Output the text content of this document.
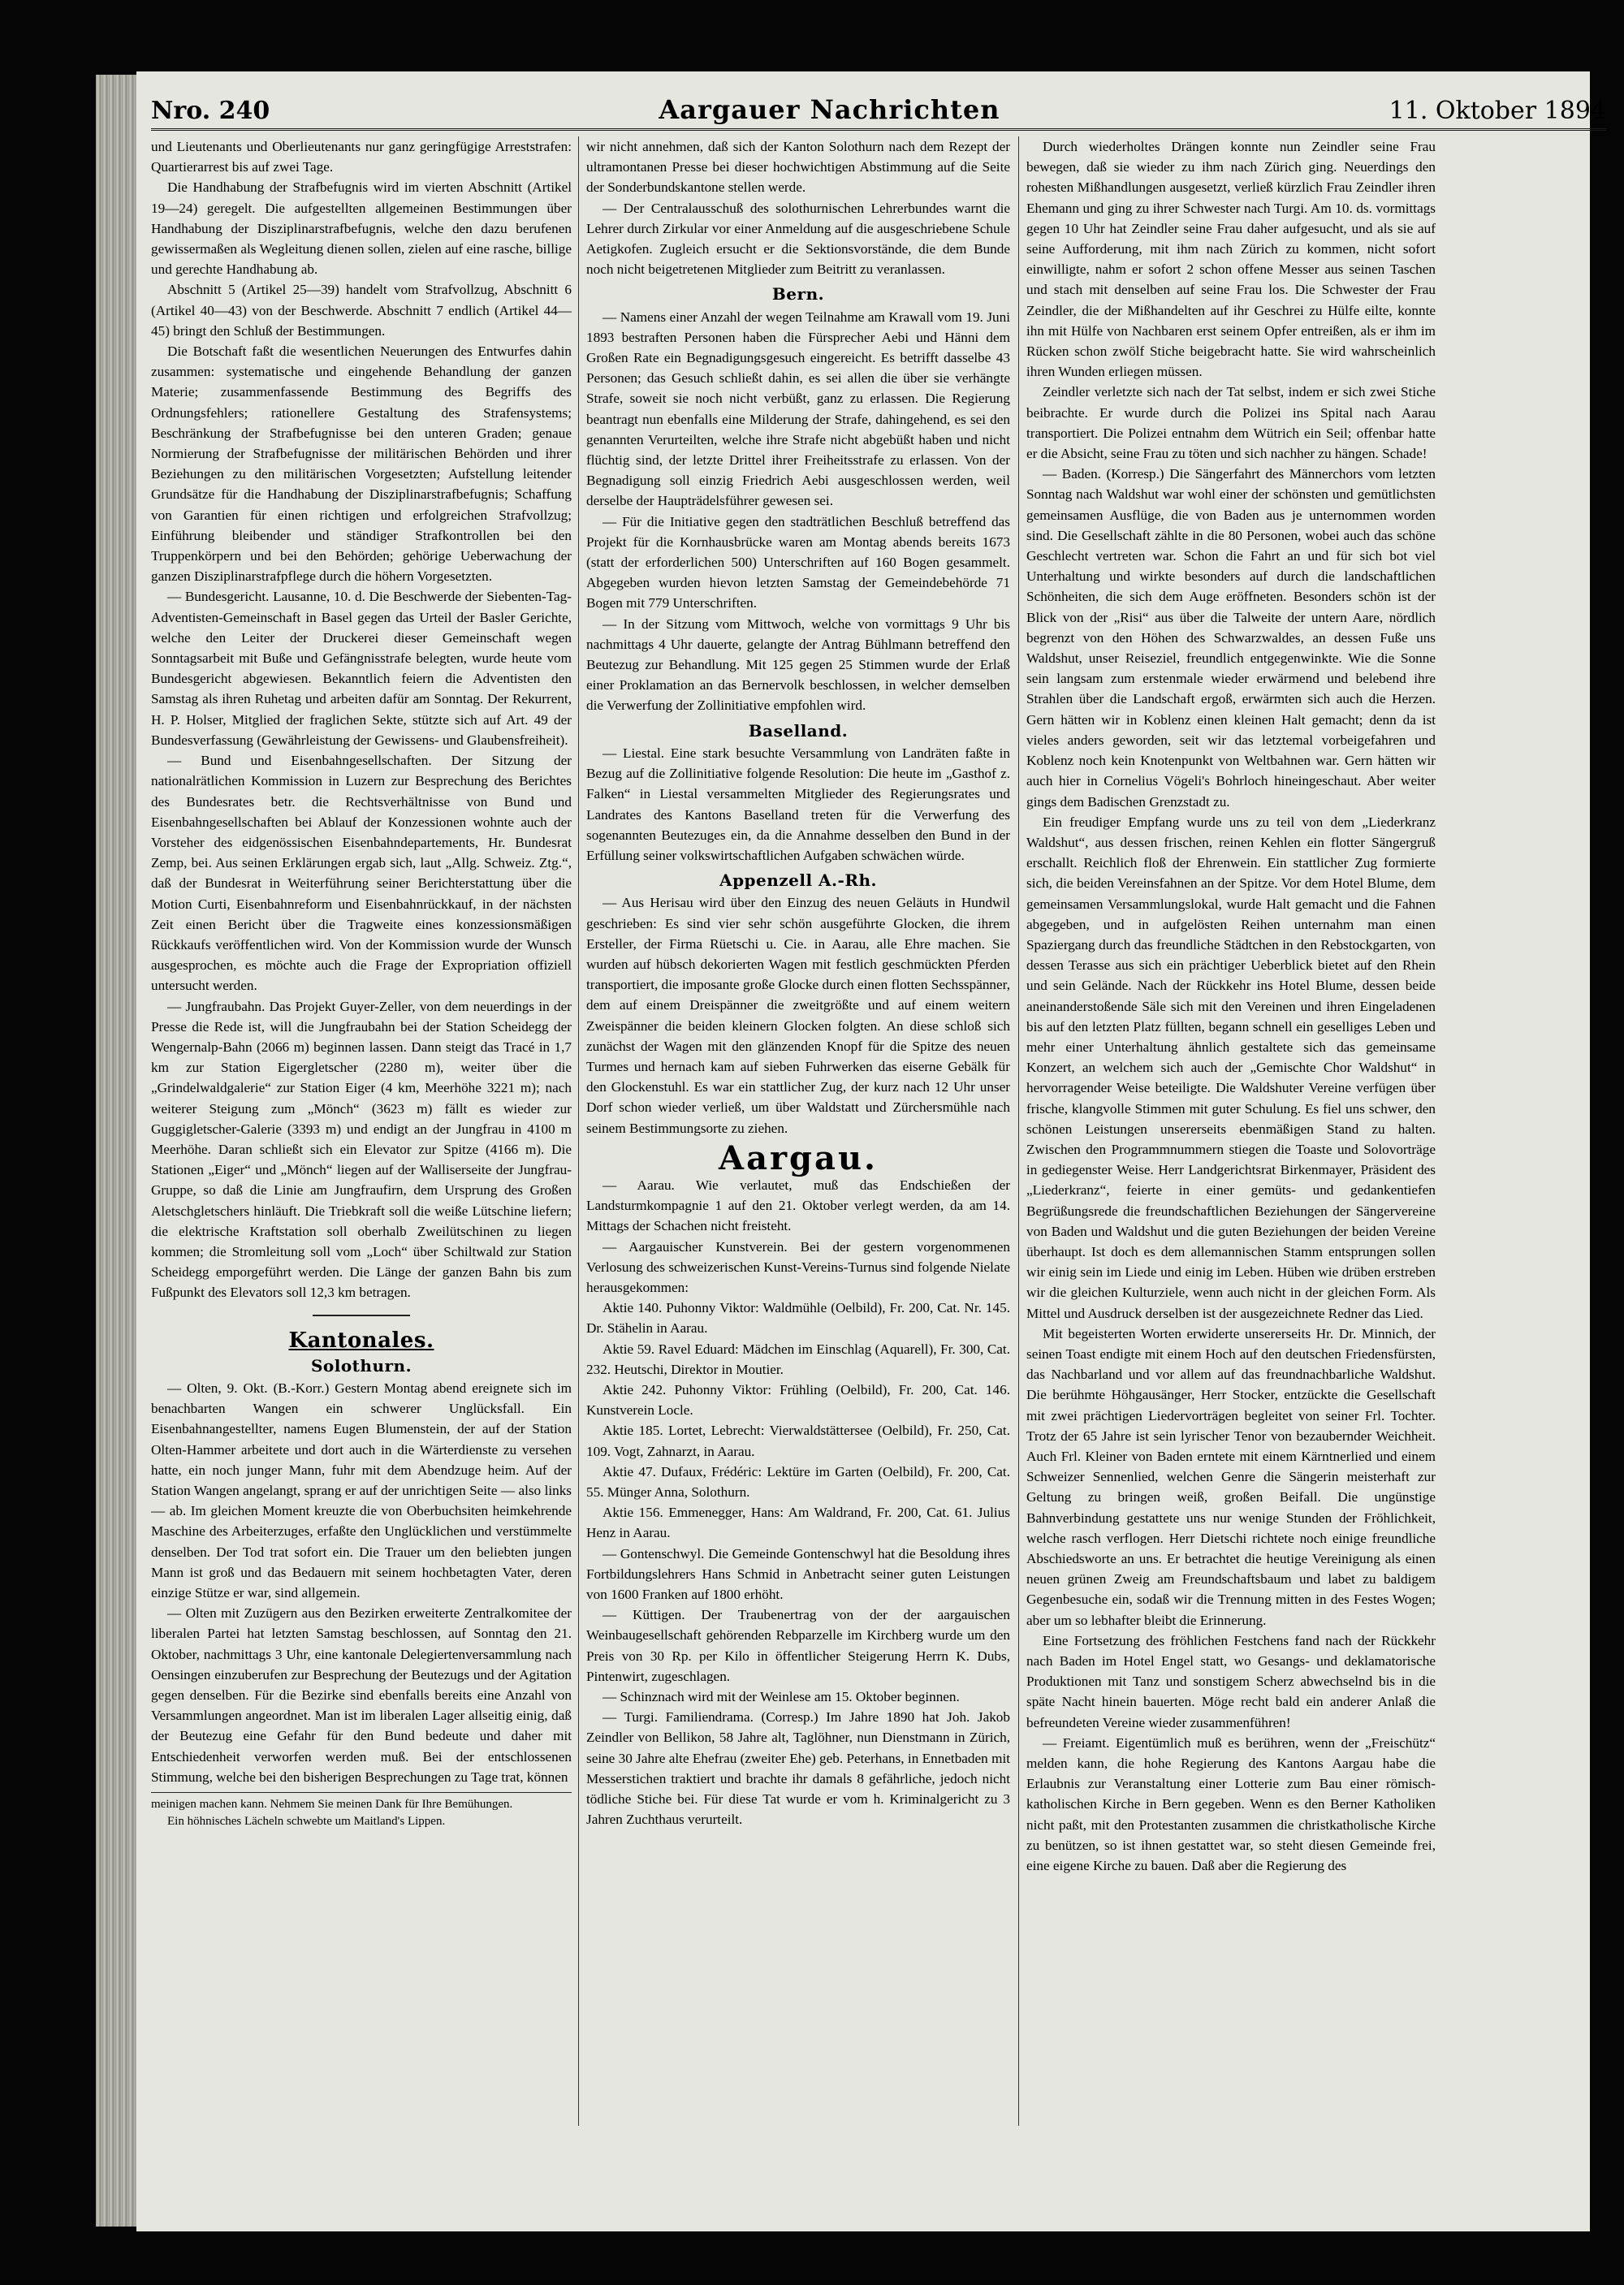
Nro. 240	Aargauer Nachrichten	11. Oktober 1894

und Lieutenants und Oberlieutenants nur ganz geringfügige Arreststrafen: Quartierarrest bis auf zwei Tage.

Die Handhabung der Strafbefugnis wird im vierten Abschnitt (Artikel 19—24) geregelt. Die aufgestellten allgemeinen Bestimmungen über Handhabung der Disziplinarstrafbefugnis, welche den dazu berufenen gewissermaßen als Wegleitung dienen sollen, zielen auf eine rasche, billige und gerechte Handhabung ab.

Abschnitt 5 (Artikel 25—39) handelt vom Strafvollzug, Abschnitt 6 (Artikel 40—43) von der Beschwerde. Abschnitt 7 endlich (Artikel 44—45) bringt den Schluß der Bestimmungen.

Die Botschaft faßt die wesentlichen Neuerungen des Entwurfes dahin zusammen: systematische und eingehende Behandlung der ganzen Materie; zusammenfassende Bestimmung des Begriffs des Ordnungsfehlers; rationellere Gestaltung des Strafensystems; Beschränkung der Strafbefugnisse bei den unteren Graden; genaue Normierung der Strafbefugnisse der militärischen Behörden und ihrer Beziehungen zu den militärischen Vorgesetzten; Aufstellung leitender Grundsätze für die Handhabung der Disziplinarstrafbefugnis; Schaffung von Garantien für einen richtigen und erfolgreichen Strafvollzug; Einführung bleibender und ständiger Strafkontrollen bei den Truppenkörpern und bei den Behörden; gehörige Ueberwachung der ganzen Disziplinarstrafpflege durch die höhern Vorgesetzten.

— Bundesgericht. Lausanne, 10. d. Die Beschwerde der Siebenten-Tag-Adventisten-Gemeinschaft in Basel gegen das Urteil der Basler Gerichte, welche den Leiter der Druckerei dieser Gemeinschaft wegen Sonntagsarbeit mit Buße und Gefängnisstrafe belegten, wurde heute vom Bundesgericht abgewiesen. Bekanntlich feiern die Adventisten den Samstag als ihren Ruhetag und arbeiten dafür am Sonntag. Der Rekurrent, H. P. Holser, Mitglied der fraglichen Sekte, stützte sich auf Art. 49 der Bundesverfassung (Gewährleistung der Gewissens- und Glaubensfreiheit).

— Bund und Eisenbahngesellschaften. Der Sitzung der nationalrätlichen Kommission in Luzern zur Besprechung des Berichtes des Bundesrates betr. die Rechtsverhältnisse von Bund und Eisenbahngesellschaften bei Ablauf der Konzessionen wohnte auch der Vorsteher des eidgenössischen Eisenbahndepartements, Hr. Bundesrat Zemp, bei. Aus seinen Erklärungen ergab sich, laut „Allg. Schweiz. Ztg.“, daß der Bundesrat in Weiterführung seiner Berichterstattung über die Motion Curti, Eisenbahnreform und Eisenbahnrückkauf, in der nächsten Zeit einen Bericht über die Tragweite eines konzessionsmäßigen Rückkaufs veröffentlichen wird. Von der Kommission wurde der Wunsch ausgesprochen, es möchte auch die Frage der Expropriation offiziell untersucht werden.

— Jungfraubahn. Das Projekt Guyer-Zeller, von dem neuerdings in der Presse die Rede ist, will die Jungfraubahn bei der Station Scheidegg der Wengernalp-Bahn (2066 m) beginnen lassen. Dann steigt das Tracé in 1,7 km zur Station Eigergletscher (2280 m), weiter über die „Grindelwaldgalerie“ zur Station Eiger (4 km, Meerhöhe 3221 m); nach weiterer Steigung zum „Mönch“ (3623 m) fällt es wieder zur Guggigletscher-Galerie (3393 m) und endigt an der Jungfrau in 4100 m Meerhöhe. Daran schließt sich ein Elevator zur Spitze (4166 m). Die Stationen „Eiger“ und „Mönch“ liegen auf der Walliserseite der Jungfrau-Gruppe, so daß die Linie am Jungfraufirn, dem Ursprung des Großen Aletschgletschers hinläuft. Die Triebkraft soll die weiße Lütschine liefern; die elektrische Kraftstation soll oberhalb Zweilütschinen zu liegen kommen; die Stromleitung soll vom „Loch“ über Schiltwald zur Station Scheidegg emporgeführt werden. Die Länge der ganzen Bahn bis zum Fußpunkt des Elevators soll 12,3 km betragen.

Kantonales.
Solothurn.

— Olten, 9. Okt. (B.-Korr.) Gestern Montag abend ereignete sich im benachbarten Wangen ein schwerer Unglücksfall. Ein Eisenbahnangestellter, namens Eugen Blumenstein, der auf der Station Olten-Hammer arbeitete und dort auch in die Wärterdienste zu versehen hatte, ein noch junger Mann, fuhr mit dem Abendzuge heim. Auf der Station Wangen angelangt, sprang er auf der unrichtigen Seite — also links — ab. Im gleichen Moment kreuzte die von Oberbuchsiten heimkehrende Maschine des Arbeiterzuges, erfaßte den Unglücklichen und verstümmelte denselben. Der Tod trat sofort ein. Die Trauer um den beliebten jungen Mann ist groß und das Bedauern mit seinem hochbetagten Vater, deren einzige Stütze er war, sind allgemein.

— Olten mit Zuzügern aus den Bezirken erweiterte Zentralkomitee der liberalen Partei hat letzten Samstag beschlossen, auf Sonntag den 21. Oktober, nachmittags 3 Uhr, eine kantonale Delegiertenversammlung nach Oensingen einzuberufen zur Besprechung der Beutezugs und der Agitation gegen denselben. Für die Bezirke sind ebenfalls bereits eine Anzahl von Versammlungen angeordnet. Man ist im liberalen Lager allseitig einig, daß der Beutezug eine Gefahr für den Bund bedeute und daher mit Entschiedenheit verworfen werden muß. Bei der entschlossenen Stimmung, welche bei den bisherigen Besprechungen zu Tage trat, können

meinigen machen kann. Nehmem Sie meinen Dank für Ihre Bemühungen.

Ein höhnisches Lächeln schwebte um Maitland's Lippen.

wir nicht annehmen, daß sich der Kanton Solothurn nach dem Rezept der ultramontanen Presse bei dieser hochwichtigen Abstimmung auf die Seite der Sonderbundskantone stellen werde.

— Der Centralausschuß des solothurnischen Lehrerbundes warnt die Lehrer durch Zirkular vor einer Anmeldung auf die ausgeschriebene Schule Aetigkofen. Zugleich ersucht er die Sektionsvorstände, die dem Bunde noch nicht beigetretenen Mitglieder zum Beitritt zu veranlassen.

Bern.

— Namens einer Anzahl der wegen Teilnahme am Krawall vom 19. Juni 1893 bestraften Personen haben die Fürsprecher Aebi und Hänni dem Großen Rate ein Begnadigungsgesuch eingereicht. Es betrifft dasselbe 43 Personen; das Gesuch schließt dahin, es sei allen die über sie verhängte Strafe, soweit sie noch nicht verbüßt, ganz zu erlassen. Die Regierung beantragt nun ebenfalls eine Milderung der Strafe, dahingehend, es sei den genannten Verurteilten, welche ihre Strafe nicht abgebüßt haben und nicht flüchtig sind, der letzte Drittel ihrer Freiheitsstrafe zu erlassen. Von der Begnadigung soll einzig Friedrich Aebi ausgeschlossen werden, weil derselbe der Haupträdelsführer gewesen sei.

— Für die Initiative gegen den stadträtlichen Beschluß betreffend das Projekt für die Kornhausbrücke waren am Montag abends bereits 1673 (statt der erforderlichen 500) Unterschriften auf 160 Bogen gesammelt. Abgegeben wurden hievon letzten Samstag der Gemeindebehörde 71 Bogen mit 779 Unterschriften.

— In der Sitzung vom Mittwoch, welche von vormittags 9 Uhr bis nachmittags 4 Uhr dauerte, gelangte der Antrag Bühlmann betreffend den Beutezug zur Behandlung. Mit 125 gegen 25 Stimmen wurde der Erlaß einer Proklamation an das Bernervolk beschlossen, in welcher demselben die Verwerfung der Zollinitiative empfohlen wird.

Baselland.

— Liestal. Eine stark besuchte Versammlung von Landräten faßte in Bezug auf die Zollinitiative folgende Resolution: Die heute im „Gasthof z. Falken“ in Liestal versammelten Mitglieder des Regierungsrates und Landrates des Kantons Baselland treten für die Verwerfung des sogenannten Beutezuges ein, da die Annahme desselben den Bund in der Erfüllung seiner volkswirtschaftlichen Aufgaben schwächen würde.

Appenzell A.-Rh.

— Aus Herisau wird über den Einzug des neuen Geläuts in Hundwil geschrieben: Es sind vier sehr schön ausgeführte Glocken, die ihrem Ersteller, der Firma Rüetschi u. Cie. in Aarau, alle Ehre machen. Sie wurden auf hübsch dekorierten Wagen mit festlich geschmückten Pferden transportiert, die imposante große Glocke durch einen flotten Sechsspänner, dem auf einem Dreispänner die zweitgrößte und auf einem weitern Zweispänner die beiden kleinern Glocken folgten. An diese schloß sich zunächst der Wagen mit den glänzenden Knopf für die Spitze des neuen Turmes und hernach kam auf sieben Fuhrwerken das eiserne Gebälk für den Glockenstuhl. Es war ein stattlicher Zug, der kurz nach 12 Uhr unser Dorf schon wieder verließ, um über Waldstatt und Zürchersmühle nach seinem Bestimmungsorte zu ziehen.

Aargau.

— Aarau. Wie verlautet, muß das Endschießen der Landsturmkompagnie 1 auf den 21. Oktober verlegt werden, da am 14. Mittags der Schachen nicht freisteht.

— Aargauischer Kunstverein. Bei der gestern vorgenommenen Verlosung des schweizerischen Kunst-Vereins-Turnus sind folgende Nielate herausgekommen:

Aktie 140. Puhonny Viktor: Waldmühle (Oelbild), Fr. 200, Cat. Nr. 145. Dr. Stähelin in Aarau.

Aktie 59. Ravel Eduard: Mädchen im Einschlag (Aquarell), Fr. 300, Cat. 232. Heutschi, Direktor in Moutier.

Aktie 242. Puhonny Viktor: Frühling (Oelbild), Fr. 200, Cat. 146. Kunstverein Locle.

Aktie 185. Lortet, Lebrecht: Vierwaldstättersee (Oelbild), Fr. 250, Cat. 109. Vogt, Zahnarzt, in Aarau.

Aktie 47. Dufaux, Frédéric: Lektüre im Garten (Oelbild), Fr. 200, Cat. 55. Münger Anna, Solothurn.

Aktie 156. Emmenegger, Hans: Am Waldrand, Fr. 200, Cat. 61. Julius Henz in Aarau.

— Gontenschwyl. Die Gemeinde Gontenschwyl hat die Besoldung ihres Fortbildungslehrers Hans Schmid in Anbetracht seiner guten Leistungen von 1600 Franken auf 1800 erhöht.

— Küttigen. Der Traubenertrag von der der aargauischen Weinbaugesellschaft gehörenden Rebparzelle im Kirchberg wurde um den Preis von 30 Rp. per Kilo in öffentlicher Steigerung Herrn K. Dubs, Pintenwirt, zugeschlagen.

— Schinznach wird mit der Weinlese am 15. Oktober beginnen.

— Turgi. Familiendrama. (Corresp.) Im Jahre 1890 hat Joh. Jakob Zeindler von Bellikon, 58 Jahre alt, Taglöhner, nun Dienstmann in Zürich, seine 30 Jahre alte Ehefrau (zweiter Ehe) geb. Peterhans, in Ennetbaden mit Messerstichen traktiert und brachte ihr damals 8 gefährliche, jedoch nicht tödliche Stiche bei. Für diese Tat wurde er vom h. Kriminalgericht zu 3 Jahren Zuchthaus verurteilt.

Durch wiederholtes Drängen konnte nun Zeindler seine Frau bewegen, daß sie wieder zu ihm nach Zürich ging. Neuerdings den rohesten Mißhandlungen ausgesetzt, verließ kürzlich Frau Zeindler ihren Ehemann und ging zu ihrer Schwester nach Turgi. Am 10. ds. vormittags gegen 10 Uhr hat Zeindler seine Frau daher aufgesucht, und als sie auf seine Aufforderung, mit ihm nach Zürich zu kommen, nicht sofort einwilligte, nahm er sofort 2 schon offene Messer aus seinen Taschen und stach mit denselben auf seine Frau los. Die Schwester der Frau Zeindler, die der Mißhandelten auf ihr Geschrei zu Hülfe eilte, konnte ihn mit Hülfe von Nachbaren erst seinem Opfer entreißen, als er ihm im Rücken schon zwölf Stiche beigebracht hatte. Sie wird wahrscheinlich ihren Wunden erliegen müssen.

Zeindler verletzte sich nach der Tat selbst, indem er sich zwei Stiche beibrachte. Er wurde durch die Polizei ins Spital nach Aarau transportiert. Die Polizei entnahm dem Wütrich ein Seil; offenbar hatte er die Absicht, seine Frau zu töten und sich nachher zu hängen. Schade!

— Baden. (Korresp.) Die Sängerfahrt des Männerchors vom letzten Sonntag nach Waldshut war wohl einer der schönsten und gemütlichsten gemeinsamen Ausflüge, die von Baden aus je unternommen worden sind. Die Gesellschaft zählte in die 80 Personen, wobei auch das schöne Geschlecht vertreten war. Schon die Fahrt an und für sich bot viel Unterhaltung und wirkte besonders auf durch die landschaftlichen Schönheiten, die sich dem Auge eröffneten. Besonders schön ist der Blick von der „Risi“ aus über die Talweite der untern Aare, nördlich begrenzt von den Höhen des Schwarzwaldes, an dessen Fuße uns Waldshut, unser Reiseziel, freundlich entgegenwinkte. Wie die Sonne sein langsam zum erstenmale wieder erwärmend und belebend ihre Strahlen über die Landschaft ergoß, erwärmten sich auch die Herzen. Gern hätten wir in Koblenz einen kleinen Halt gemacht; denn da ist vieles anders geworden, seit wir das letztemal vorbeigefahren und Koblenz noch kein Knotenpunkt von Weltbahnen war. Gern hätten wir auch hier in Cornelius Vögeli's Bohrloch hineingeschaut. Aber weiter gings dem Badischen Grenzstadt zu.

Ein freudiger Empfang wurde uns zu teil von dem „Liederkranz Waldshut“, aus dessen frischen, reinen Kehlen ein flotter Sängergruß erschallt. Reichlich floß der Ehrenwein. Ein stattlicher Zug formierte sich, die beiden Vereinsfahnen an der Spitze. Vor dem Hotel Blume, dem gemeinsamen Versammlungslokal, wurde Halt gemacht und die Fahnen abgegeben, und in aufgelösten Reihen unternahm man einen Spaziergang durch das freundliche Städtchen in den Rebstockgarten, von dessen Terasse aus sich ein prächtiger Ueberblick bietet auf den Rhein und sein Gelände. Nach der Rückkehr ins Hotel Blume, dessen beide aneinanderstoßende Säle sich mit den Vereinen und ihren Eingeladenen bis auf den letzten Platz füllten, begann schnell ein geselliges Leben und mehr einer Unterhaltung ähnlich gestaltete sich das gemeinsame Konzert, an welchem sich auch der „Gemischte Chor Waldshut“ in hervorragender Weise beteiligte. Die Waldshuter Vereine verfügen über frische, klangvolle Stimmen mit guter Schulung. Es fiel uns schwer, den schönen Leistungen unsererseits ebenmäßigen Stand zu halten. Zwischen den Programmnummern stiegen die Toaste und Solovorträge in gediegenster Weise. Herr Landgerichtsrat Birkenmayer, Präsident des „Liederkranz“, feierte in einer gemüts- und gedankentiefen Begrüßungsrede die freundschaftlichen Beziehungen der Sängervereine von Baden und Waldshut und die guten Beziehungen der beiden Vereine überhaupt. Ist doch es dem allemannischen Stamm entsprungen sollen wir einig sein im Liede und einig im Leben. Hüben wie drüben erstreben wir die gleichen Kulturziele, wenn auch nicht in der gleichen Form. Als Mittel und Ausdruck derselben ist der ausgezeichnete Redner das Lied.

Mit begeisterten Worten erwiderte unsererseits Hr. Dr. Minnich, der seinen Toast endigte mit einem Hoch auf den deutschen Friedensfürsten, das Nachbarland und vor allem auf das freundnachbarliche Waldshut. Die berühmte Höhgausänger, Herr Stocker, entzückte die Gesellschaft mit zwei prächtigen Liedervorträgen begleitet von seiner Frl. Tochter. Trotz der 65 Jahre ist sein lyrischer Tenor von bezaubernder Weichheit. Auch Frl. Kleiner von Baden erntete mit einem Kärntnerlied und einem Schweizer Sennenlied, welchen Genre die Sängerin meisterhaft zur Geltung zu bringen weiß, großen Beifall. Die ungünstige Bahnverbindung gestattete uns nur wenige Stunden der Fröhlichkeit, welche rasch verflogen. Herr Dietschi richtete noch einige freundliche Abschiedsworte an uns. Er betrachtet die heutige Vereinigung als einen neuen grünen Zweig am Freundschaftsbaum und labet zu baldigem Gegenbesuche ein, sodaß wir die Trennung mitten in des Festes Wogen; aber um so lebhafter bleibt die Erinnerung.

Eine Fortsetzung des fröhlichen Festchens fand nach der Rückkehr nach Baden im Hotel Engel statt, wo Gesangs- und deklamatorische Produktionen mit Tanz und sonstigem Scherz abwechselnd bis in die späte Nacht hinein bauerten. Möge recht bald ein anderer Anlaß die befreundeten Vereine wieder zusammenführen!

— Freiamt. Eigentümlich muß es berühren, wenn der „Freischütz“ melden kann, die hohe Regierung des Kantons Aargau habe die Erlaubnis zur Veranstaltung einer Lotterie zum Bau einer römisch-katholischen Kirche in Bern gegeben. Wenn es den Berner Katholiken nicht paßt, mit den Protestanten zusammen die christkatholische Kirche zu benützen, so ist ihnen gestattet war, so steht diesen Gemeinde frei, eine eigene Kirche zu bauen. Daß aber die Regierung des
